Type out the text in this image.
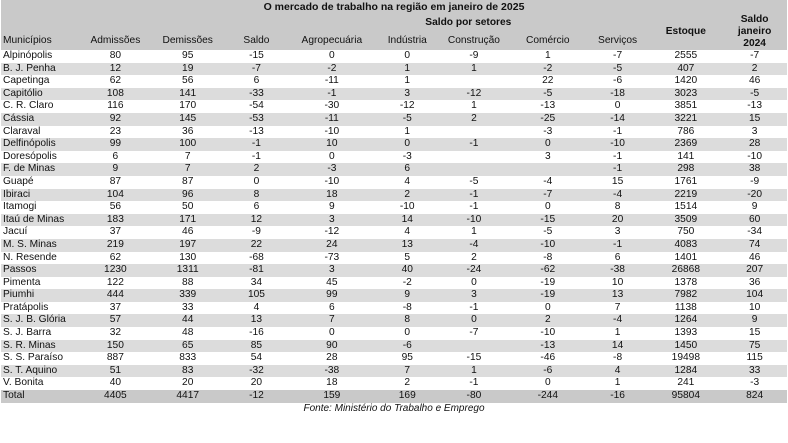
O mercado de trabalho na região em janeiro de 2025
				Saldo por setores					Estoque	Saldo janeiro 2024
Municípios	Admissões	Demissões	Saldo	Agropecuária	Indústria	Construção	Comércio	Serviços		
Alpinópolis	80	95	-15	0	0	-9	1	-7	2555	-7
B. J. Penha	12	19	-7	-2	1	1	-2	-5	407	2
Capetinga	62	56	6	-11	1		22	-6	1420	46
Capitólio	108	141	-33	-1	3	-12	-5	-18	3023	-5
C. R. Claro	116	170	-54	-30	-12	1	-13	0	3851	-13
Cássia	92	145	-53	-11	-5	2	-25	-14	3221	15
Claraval	23	36	-13	-10	1		-3	-1	786	3
Delfinópolis	99	100	-1	10	0	-1	0	-10	2369	28
Doresópolis	6	7	-1	0	-3		3	-1	141	-10
F. de Minas	9	7	2	-3	6			-1	298	38
Guapé	87	87	0	-10	4	-5	-4	15	1761	-9
Ibiraci	104	96	8	18	2	-1	-7	-4	2219	-20
Itamogi	56	50	6	9	-10	-1	0	8	1514	9
Itaú de Minas	183	171	12	3	14	-10	-15	20	3509	60
Jacuí	37	46	-9	-12	4	1	-5	3	750	-34
M. S. Minas	219	197	22	24	13	-4	-10	-1	4083	74
N. Resende	62	130	-68	-73	5	2	-8	6	1401	46
Passos	1230	1311	-81	3	40	-24	-62	-38	26868	207
Pimenta	122	88	34	45	-2	0	-19	10	1378	36
Piumhi	444	339	105	99	9	3	-19	13	7982	104
Pratápolis	37	33	4	6	-8	-1	0	7	1138	10
S. J. B. Glória	57	44	13	7	8	0	2	-4	1264	9
S. J. Barra	32	48	-16	0	0	-7	-10	1	1393	15
S. R. Minas	150	65	85	90	-6		-13	14	1450	75
S. S. Paraíso	887	833	54	28	95	-15	-46	-8	19498	115
S. T. Aquino	51	83	-32	-38	7	1	-6	4	1284	33
V. Bonita	40	20	20	18	2	-1	0	1	241	-3
Total	4405	4417	-12	159	169	-80	-244	-16	95804	824
Fonte: Ministério do Trabalho e Emprego
